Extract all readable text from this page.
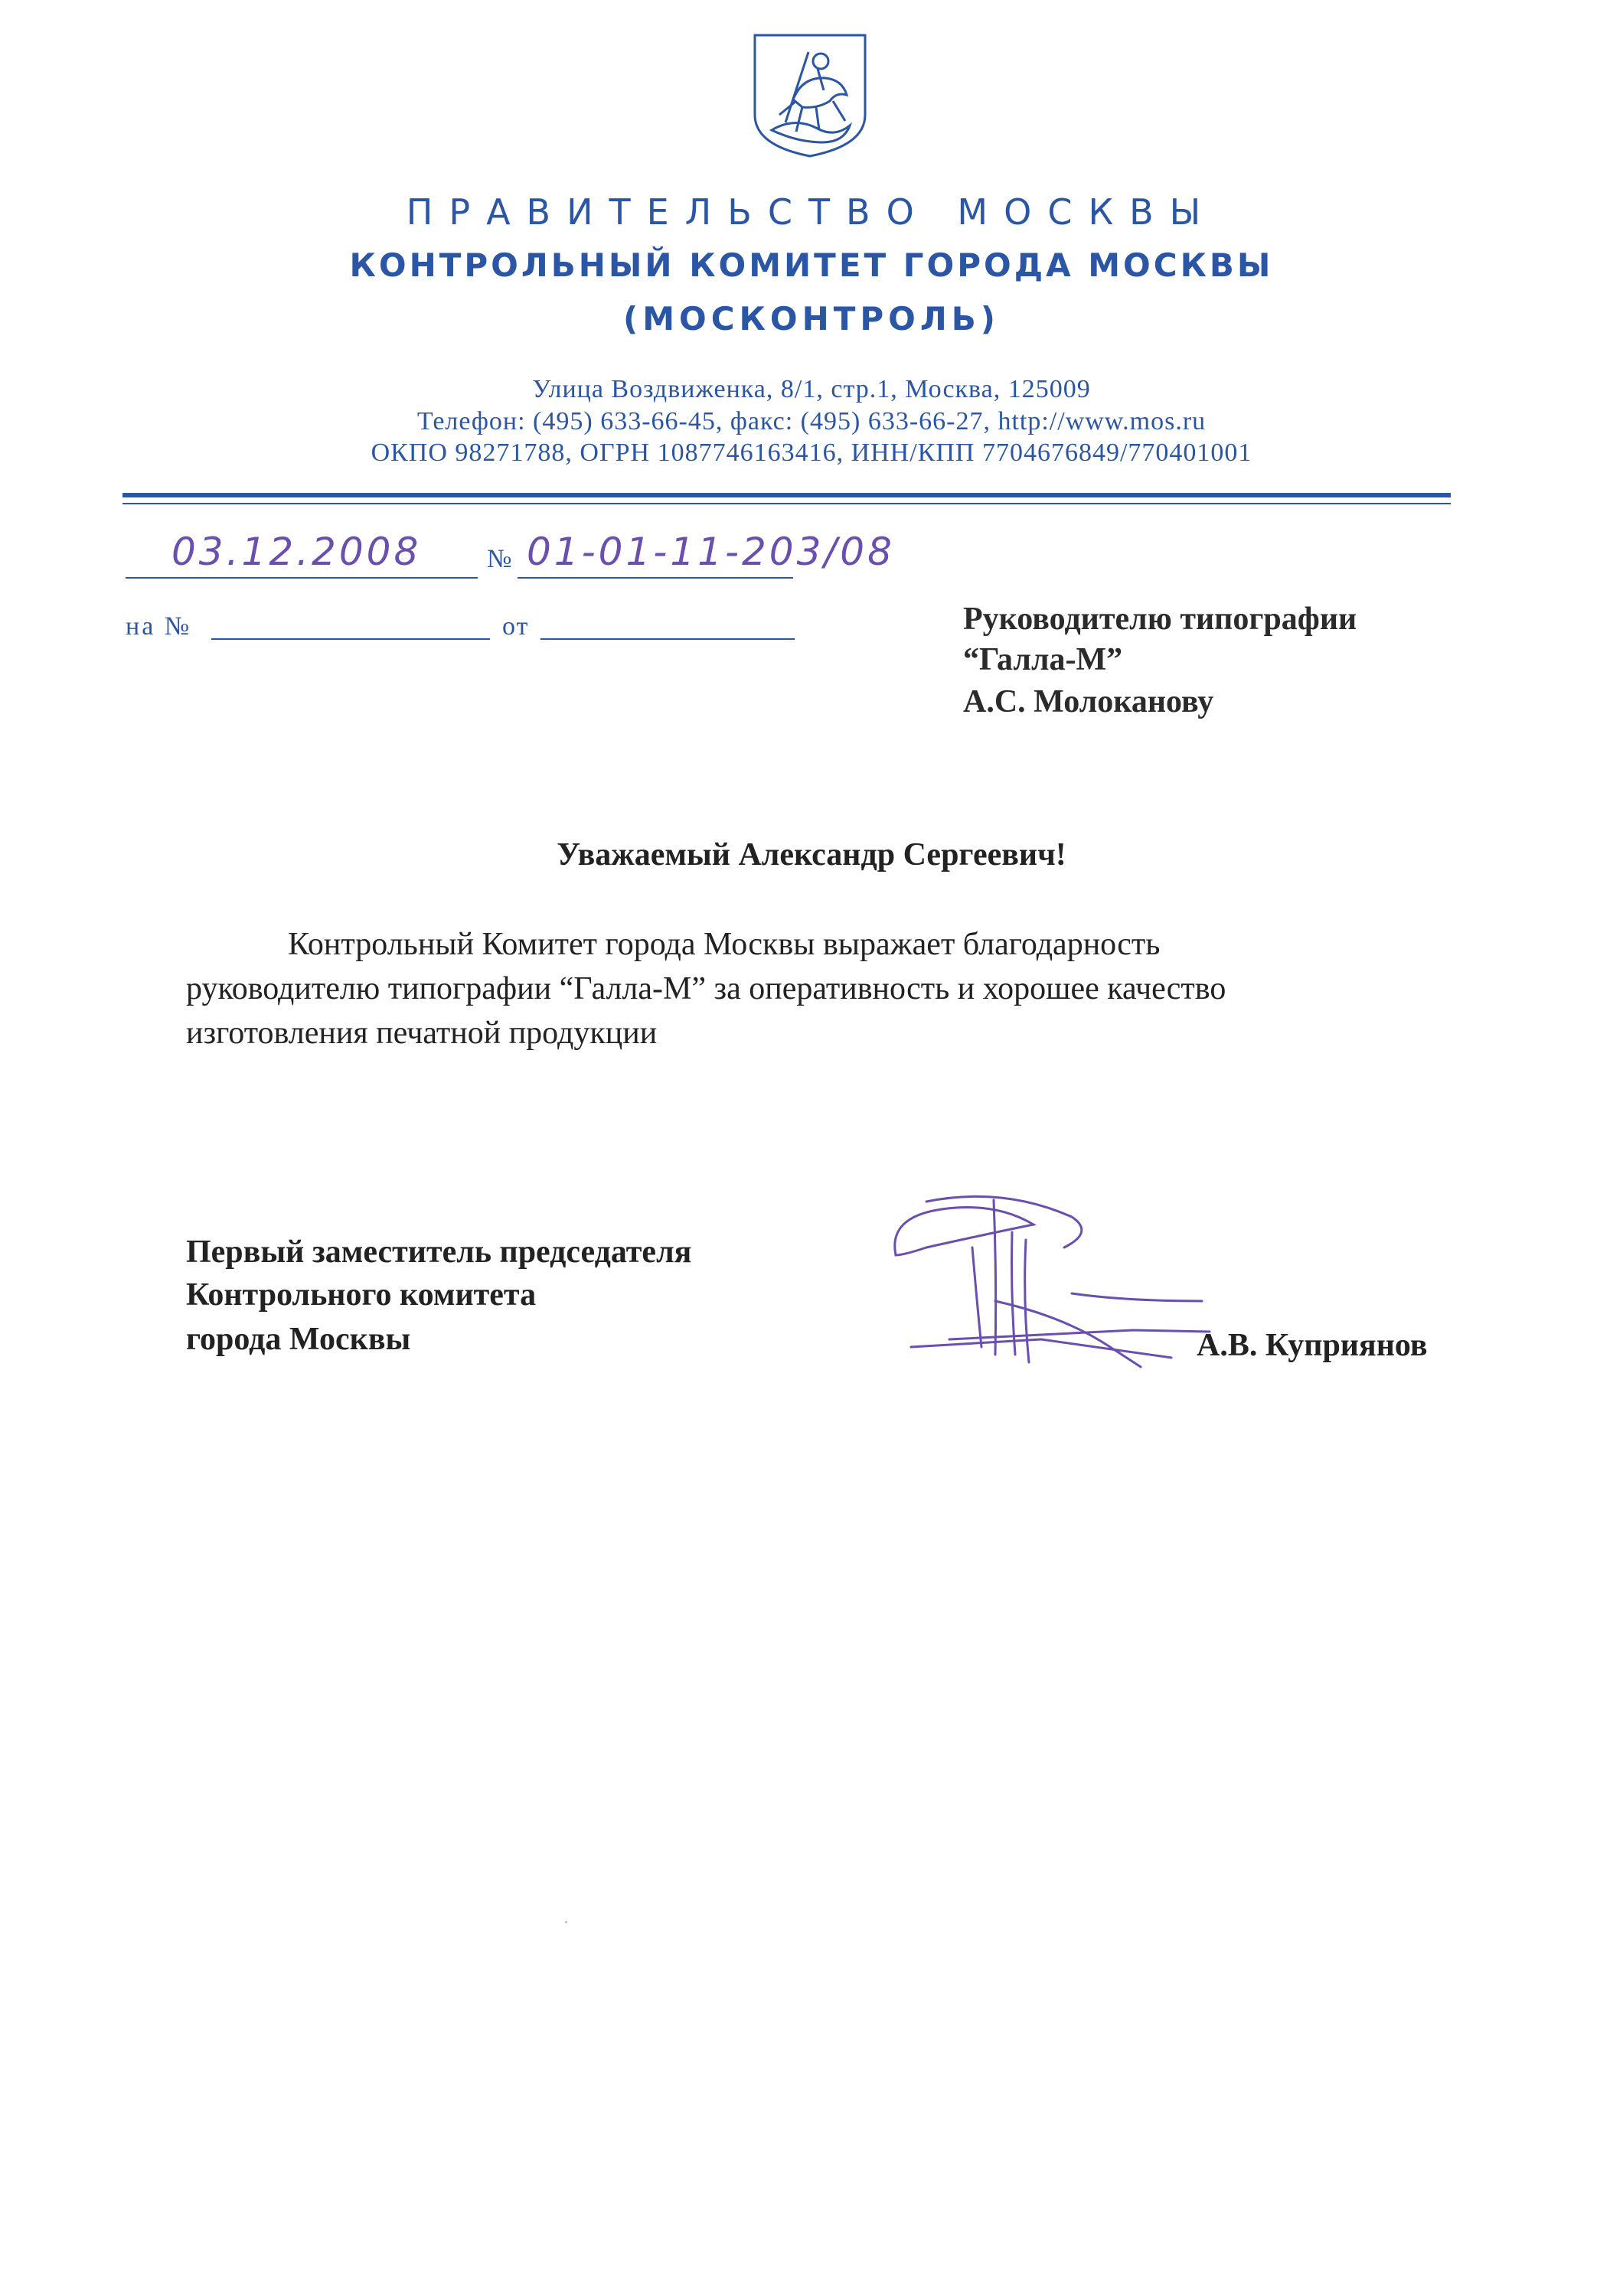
ПРАВИТЕЛЬСТВО МОСКВЫ
КОНТРОЛЬНЫЙ КОМИТЕТ ГОРОДА МОСКВЫ
(МОСКОНТРОЛЬ)
Улица Воздвиженка, 8/1, стр.1, Москва, 125009
Телефон: (495) 633-66-45, факс: (495) 633-66-27, http://www.mos.ru
ОКПО 98271788, ОГРН 1087746163416, ИНН/КПП 7704676849/770401001
№
03.12.2008	01-01-11-203/08
на №	от	Руководителю типографии
“Галла-М”
А.С. Молоканову
Уважаемый Александр Сергеевич!
Контрольный Комитет города Москвы выражает благодарность
руководителю типографии “Галла-М” за оперативность и хорошее качество
изготовления печатной продукции
Первый заместитель председателя
Контрольного комитета
города Москвы	А.В. Куприянов
